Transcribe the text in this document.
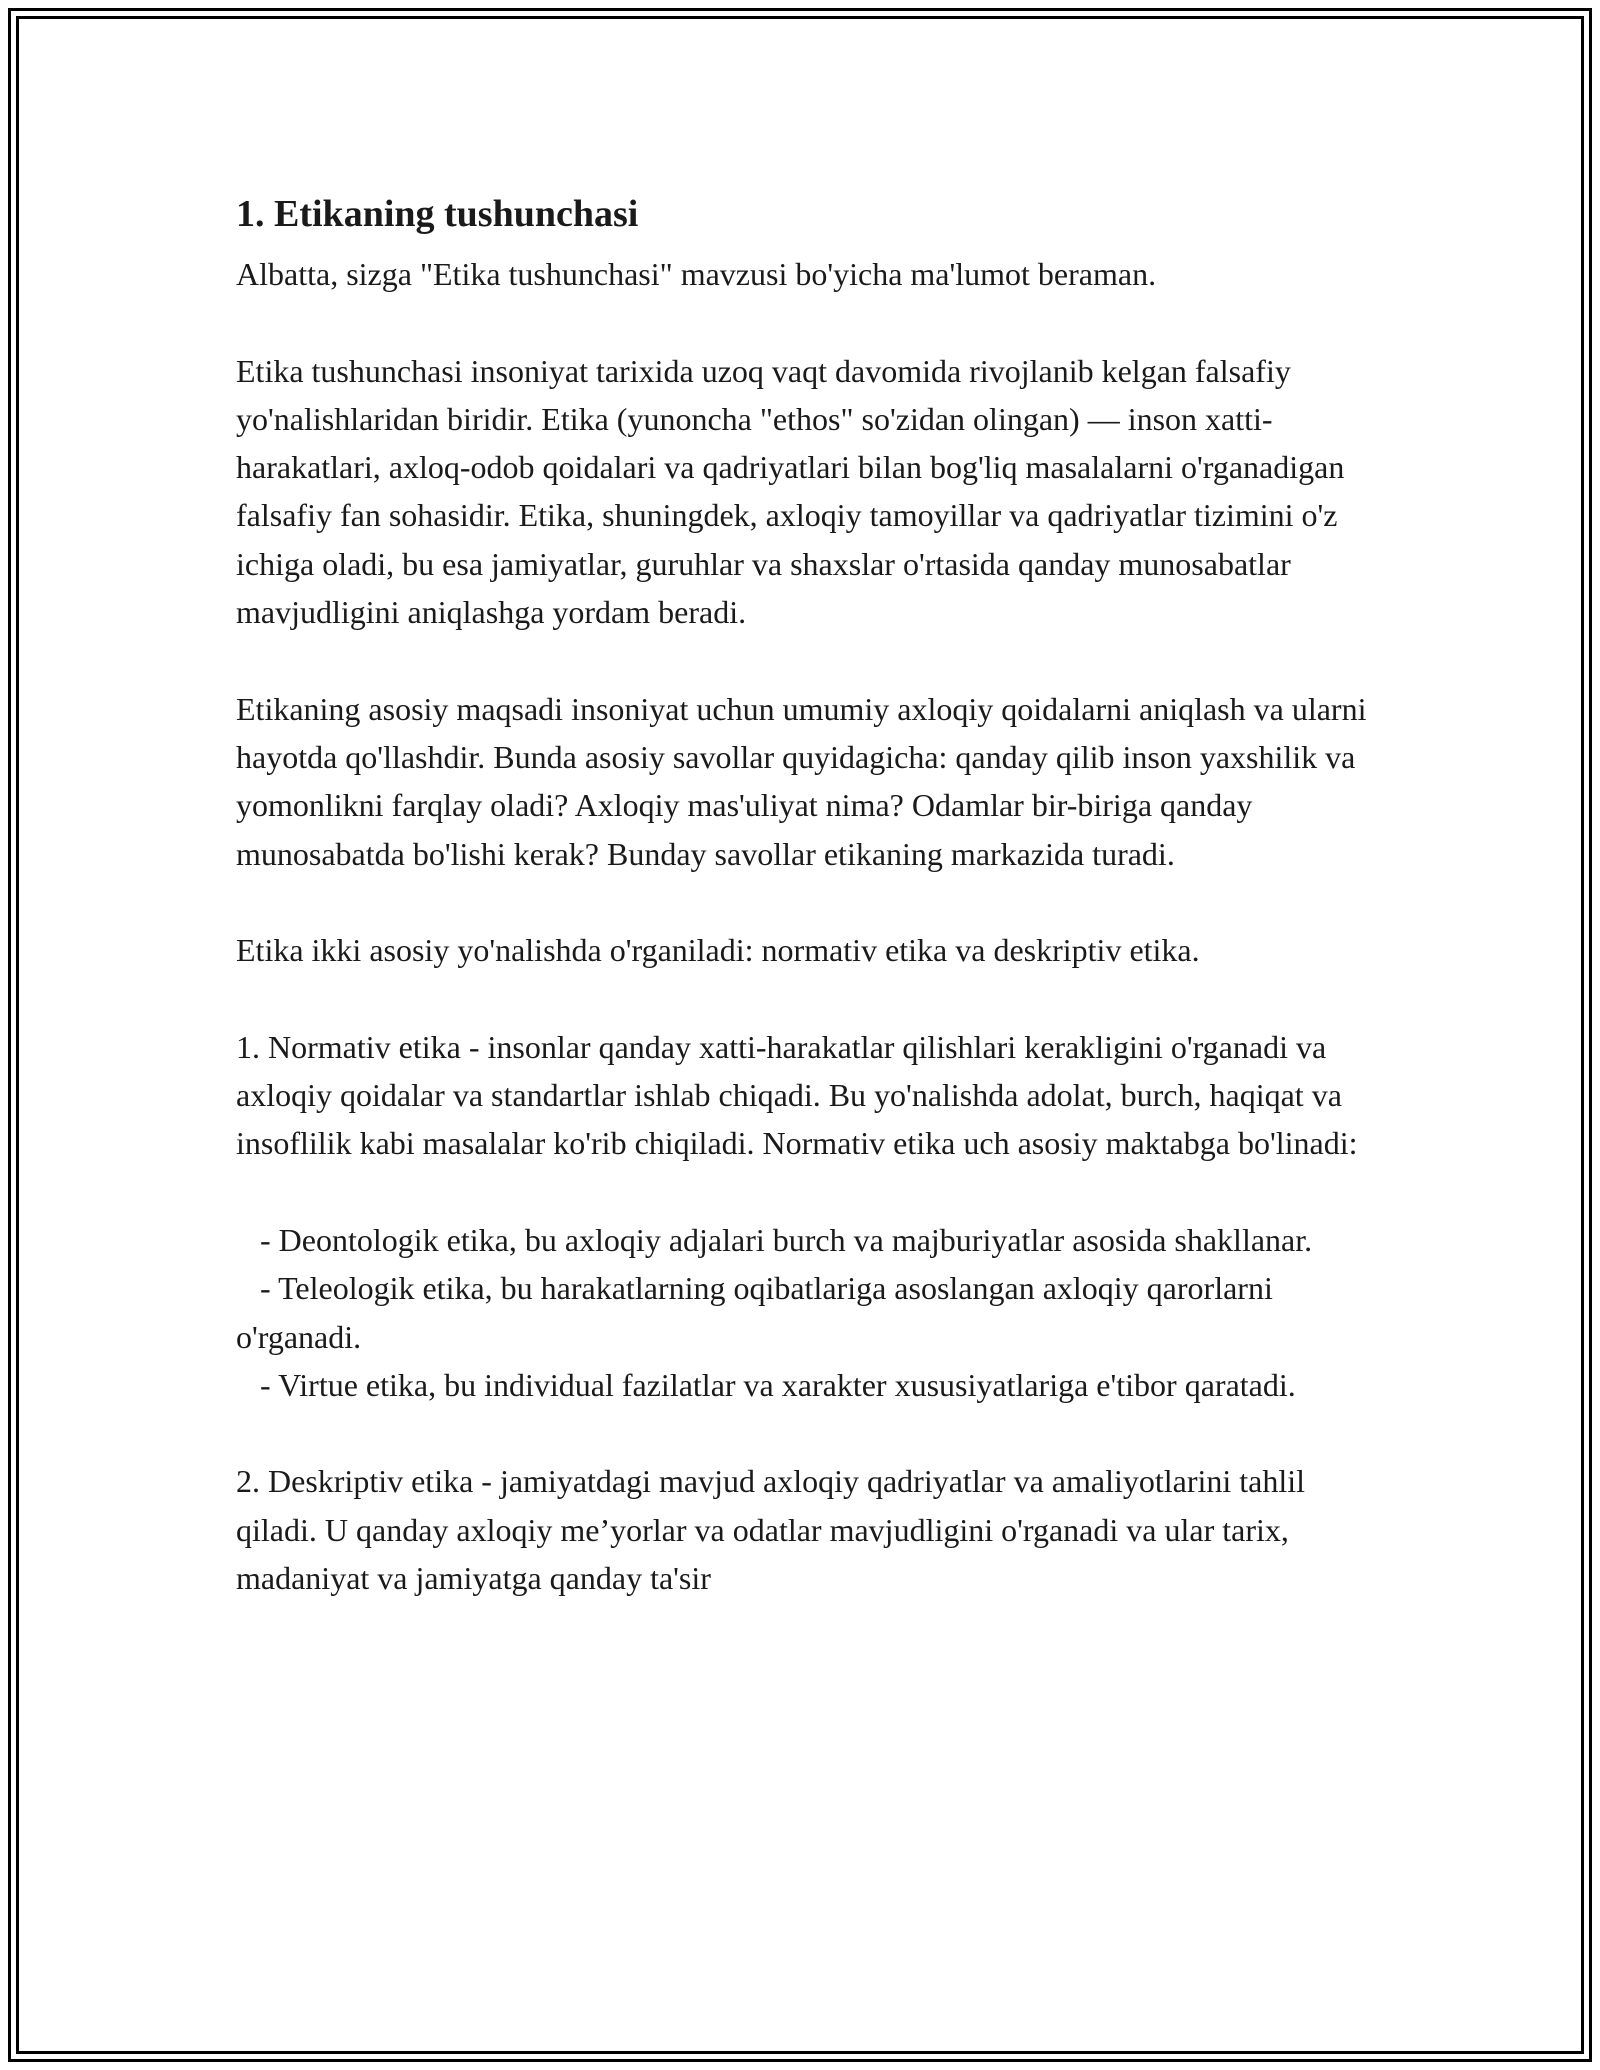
1. Etikaning tushunchasi

Albatta, sizga "Etika tushunchasi" mavzusi bo'yicha ma'lumot beraman.

Etika tushunchasi insoniyat tarixida uzoq vaqt davomida rivojlanib kelgan falsafiy yo'nalishlaridan biridir. Etika (yunoncha "ethos" so'zidan olingan) — inson xatti-harakatlari, axloq-odob qoidalari va qadriyatlari bilan bog'liq masalalarni o'rganadigan falsafiy fan sohasidir. Etika, shuningdek, axloqiy tamoyillar va qadriyatlar tizimini o'z ichiga oladi, bu esa jamiyatlar, guruhlar va shaxslar o'rtasida qanday munosabatlar mavjudligini aniqlashga yordam beradi.

Etikaning asosiy maqsadi insoniyat uchun umumiy axloqiy qoidalarni aniqlash va ularni hayotda qo'llashdir. Bunda asosiy savollar quyidagicha: qanday qilib inson yaxshilik va yomonlikni farqlay oladi? Axloqiy mas'uliyat nima? Odamlar bir-biriga qanday munosabatda bo'lishi kerak? Bunday savollar etikaning markazida turadi.

Etika ikki asosiy yo'nalishda o'rganiladi: normativ etika va deskriptiv etika.

1. Normativ etika - insonlar qanday xatti-harakatlar qilishlari kerakligini o'rganadi va axloqiy qoidalar va standartlar ishlab chiqadi. Bu yo'nalishda adolat, burch, haqiqat va insoflilik kabi masalalar ko'rib chiqiladi. Normativ etika uch asosiy maktabga bo'linadi:

- Deontologik etika, bu axloqiy adjalari burch va majburiyatlar asosida shakllanar.
- Teleologik etika, bu harakatlarning oqibatlariga asoslangan axloqiy qarorlarni o'rganadi.
- Virtue etika, bu individual fazilatlar va xarakter xususiyatlariga e'tibor qaratadi.

2. Deskriptiv etika - jamiyatdagi mavjud axloqiy qadriyatlar va amaliyotlarini tahlil qiladi. U qanday axloqiy me’yorlar va odatlar mavjudligini o'rganadi va ular tarix, madaniyat va jamiyatga qanday ta'sir
